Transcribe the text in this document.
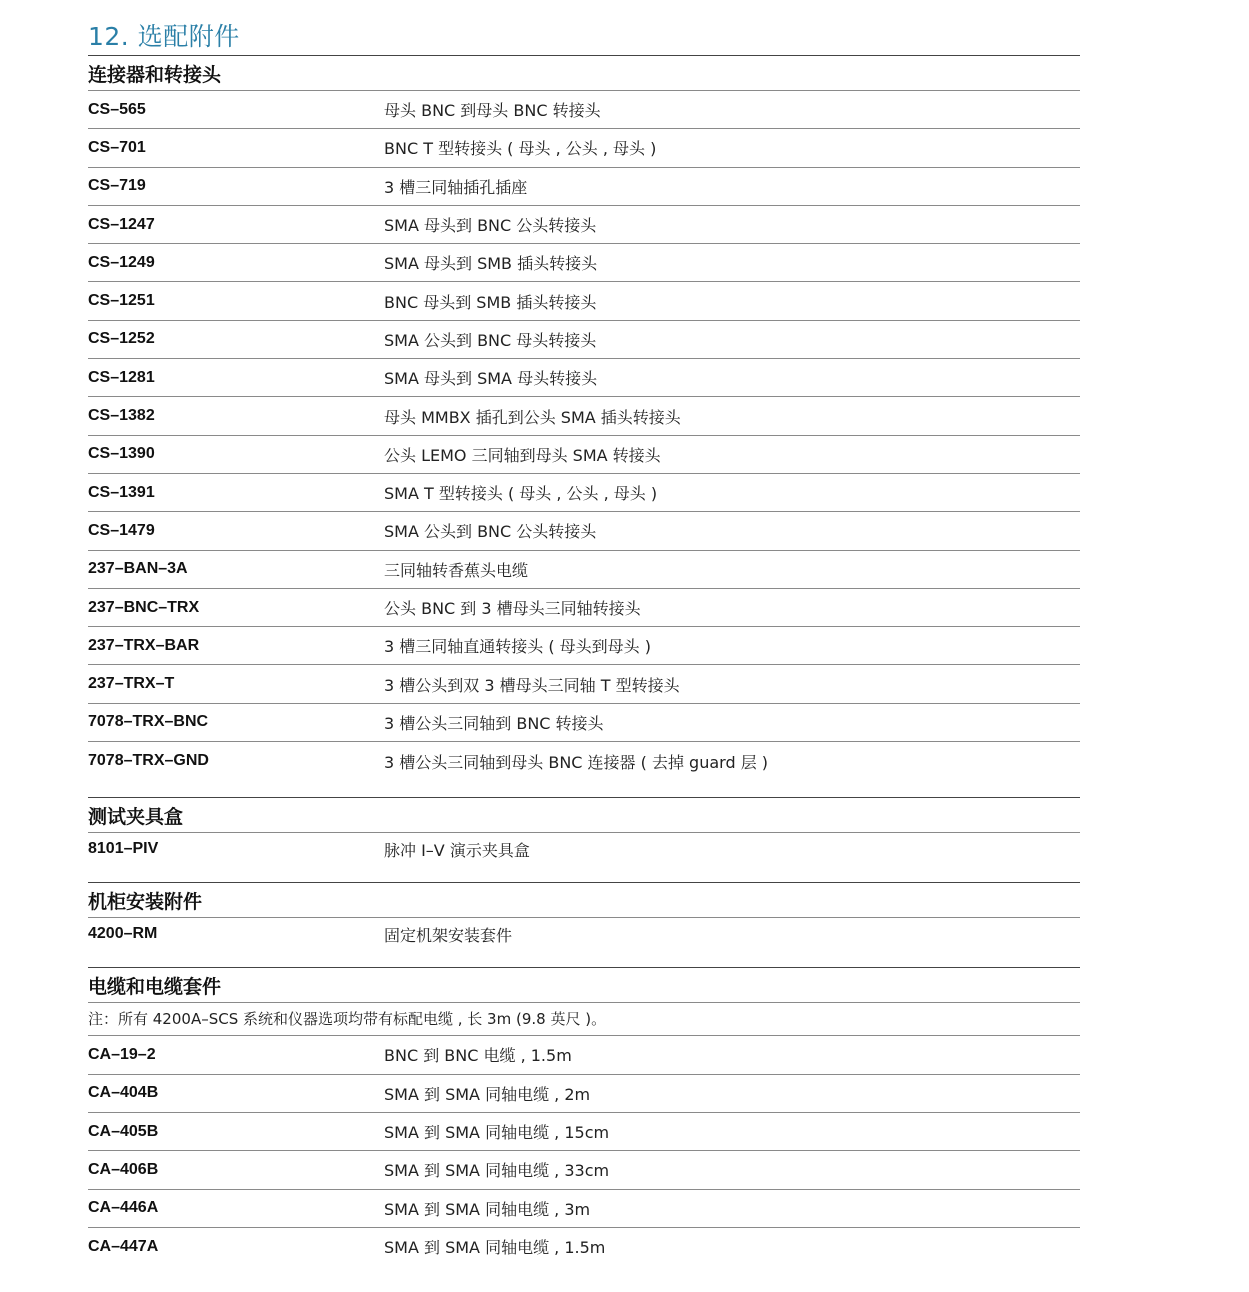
12. 选配附件
连接器和转接头
CS–565	母头 BNC 到母头 BNC 转接头
CS–701	BNC T 型转接头 ( 母头 , 公头 , 母头 )
CS–719	3 槽三同轴插孔插座
CS–1247	SMA 母头到 BNC 公头转接头
CS–1249	SMA 母头到 SMB 插头转接头
CS–1251	BNC 母头到 SMB 插头转接头
CS–1252	SMA 公头到 BNC 母头转接头
CS–1281	SMA 母头到 SMA 母头转接头
CS–1382	母头 MMBX 插孔到公头 SMA 插头转接头
CS–1390	公头 LEMO 三同轴到母头 SMA 转接头
CS–1391	SMA T 型转接头 ( 母头 , 公头 , 母头 )
CS–1479	SMA 公头到 BNC 公头转接头
237–BAN–3A	三同轴转香蕉头电缆
237–BNC–TRX	公头 BNC 到 3 槽母头三同轴转接头
237–TRX–BAR	3 槽三同轴直通转接头 ( 母头到母头 )
237–TRX–T	3 槽公头到双 3 槽母头三同轴 T 型转接头
7078–TRX–BNC	3 槽公头三同轴到 BNC 转接头
7078–TRX–GND	3 槽公头三同轴到母头 BNC 连接器 ( 去掉 guard 层 )
测试夹具盒
8101–PIV	脉冲 I–V 演示夹具盒
机柜安装附件
4200–RM	固定机架安装套件
电缆和电缆套件
注：所有 4200A–SCS 系统和仪器选项均带有标配电缆 , 长 3m (9.8 英尺 )。
CA–19–2	BNC 到 BNC 电缆 , 1.5m
CA–404B	SMA 到 SMA 同轴电缆 , 2m
CA–405B	SMA 到 SMA 同轴电缆 , 15cm
CA–406B	SMA 到 SMA 同轴电缆 , 33cm
CA–446A	SMA 到 SMA 同轴电缆 , 3m
CA–447A	SMA 到 SMA 同轴电缆 , 1.5m
